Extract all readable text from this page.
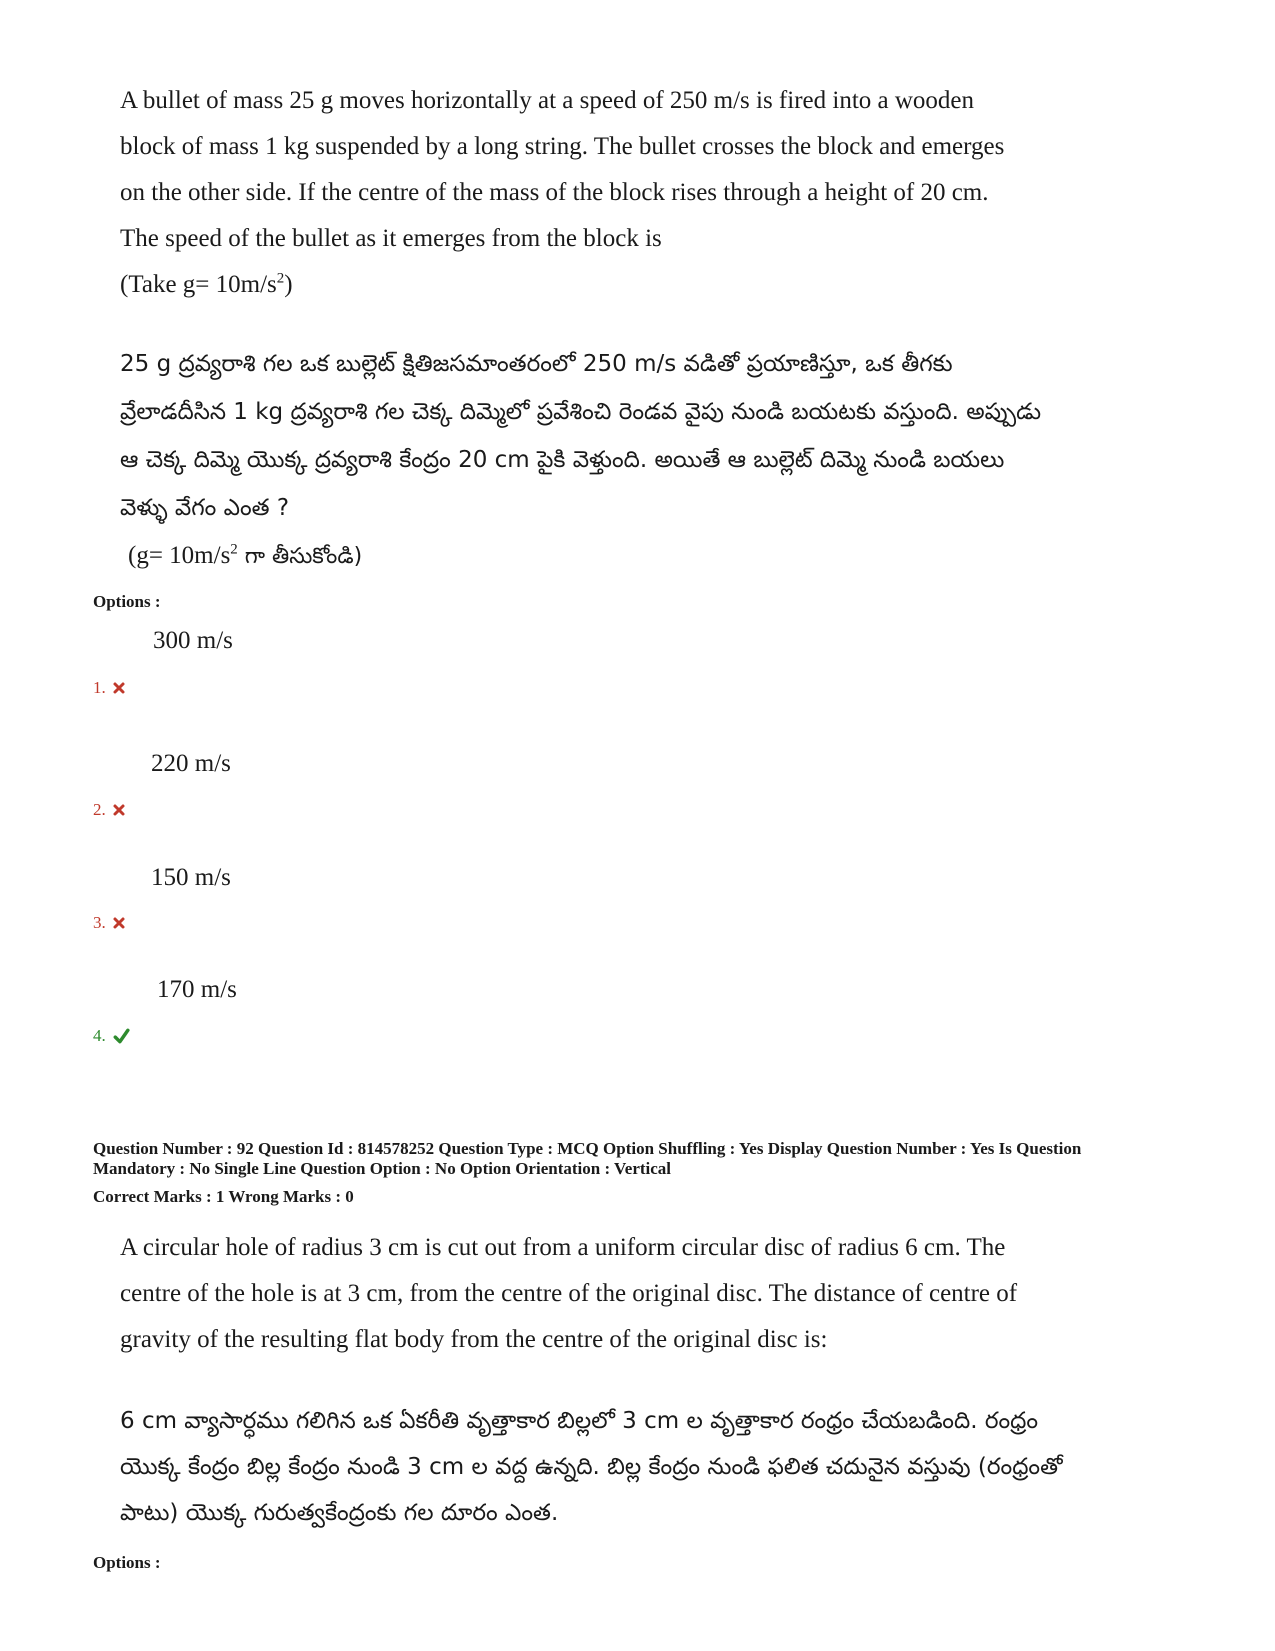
A bullet of mass 25 g moves horizontally at a speed of 250 m/s is fired into a wooden

block of mass 1 kg suspended by a long string. The bullet crosses the block and emerges

on the other side. If the centre of the mass of the block rises through a height of 20 cm.

The speed of the bullet as it emerges from the block is

(Take $g= 10m/s^2$)

25 g ద్రవ్యరాశి గల ఒక బుల్లెట్ క్షితిజసమాంతరంలో 250 m/s వడితో ప్రయాణిస్తూ, ఒక తీగకు

వ్రేలాడదీసిన 1 kg ద్రవ్యరాశి గల చెక్క దిమ్మెలో ప్రవేశించి రెండవ వైపు నుండి బయటకు వస్తుంది. అప్పుడు

ఆ చెక్క దిమ్మె యొక్క ద్రవ్యరాశి కేంద్రం 20 cm పైకి వెళ్తుంది. అయితే ఆ బుల్లెట్ దిమ్మె నుండి బయలు

వెళ్ళు వేగం ఎంత ?

($g= 10m/s^2$ గా తీసుకోండి)

Options :
300 m/s
1.
220 m/s
2.
150 m/s
3.
170 m/s
4.

Question Number : 92 Question Id : 814578252 Question Type : MCQ Option Shuffling : Yes Display Question Number : Yes Is Question

Mandatory : No Single Line Question Option : No Option Orientation : Vertical

Correct Marks : 1 Wrong Marks : 0

A circular hole of radius 3 cm is cut out from a uniform circular disc of radius 6 cm. The

centre of the hole is at 3 cm, from the centre of the original disc. The distance of centre of

gravity of the resulting flat body from the centre of the original disc is:

6 cm వ్యాసార్ధము గలిగిన ఒక ఏకరీతి వృత్తాకార బిల్లలో 3 cm ల వృత్తాకార రంధ్రం చేయబడింది. రంధ్రం

యొక్క కేంద్రం బిల్ల కేంద్రం నుండి 3 cm ల వద్ద ఉన్నది. బిల్ల కేంద్రం నుండి ఫలిత చదునైన వస్తువు (రంధ్రంతో

పాటు) యొక్క గురుత్వకేంద్రంకు గల దూరం ఎంత.

Options :
